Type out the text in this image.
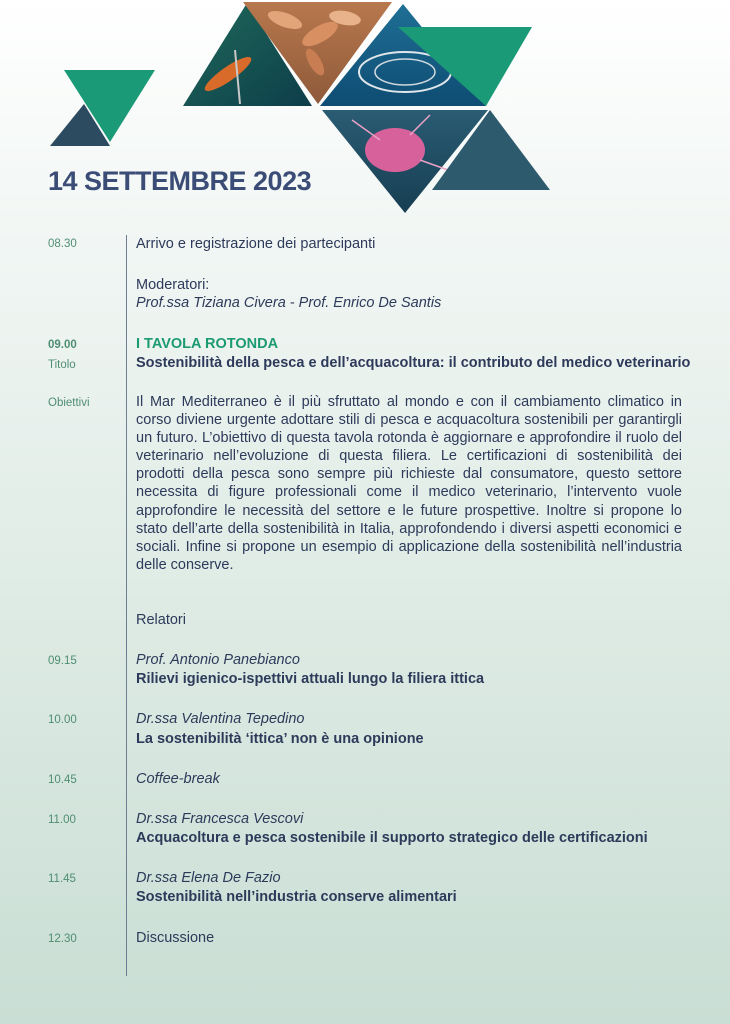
14 SETTEMBRE 2023
08.30	Arrivo e registrazione dei partecipanti
Moderatori:
Prof.ssa Tiziana Civera - Prof. Enrico De Santis
09.00	I TAVOLA ROTONDA
Titolo	Sostenibilità della pesca e dell’acquacoltura: il contributo del medico veterinario
Obiettivi	Il Mar Mediterraneo è il più sfruttato al mondo e con il cambiamento climatico in corso diviene urgente adottare stili di pesca e acquacoltura sostenibili per garantirgli un futuro. L’obiettivo di questa tavola rotonda è aggiornare e approfondire il ruolo del veterinario nell’evoluzione di questa filiera. Le certificazioni di sostenibilità dei prodotti della pesca sono sempre più richieste dal consumatore, questo settore necessita di figure professionali come il medico veterinario, l’intervento vuole approfondire le necessità del settore e le future prospettive. Inoltre si propone lo stato dell’arte della sostenibilità in Italia, approfondendo i diversi aspetti economici e sociali. Infine si propone un esempio di applicazione della sostenibilità nell’industria delle conserve.
Relatori
09.15	Prof. Antonio Panebianco
Rilievi igienico-ispettivi attuali lungo la filiera ittica
10.00	Dr.ssa Valentina Tepedino
La sostenibilità ‘ittica’ non è una opinione
10.45	Coffee-break
11.00	Dr.ssa Francesca Vescovi
Acquacoltura e pesca sostenibile il supporto strategico delle certificazioni
11.45	Dr.ssa Elena De Fazio
Sostenibilità nell’industria conserve alimentari
12.30	Discussione
